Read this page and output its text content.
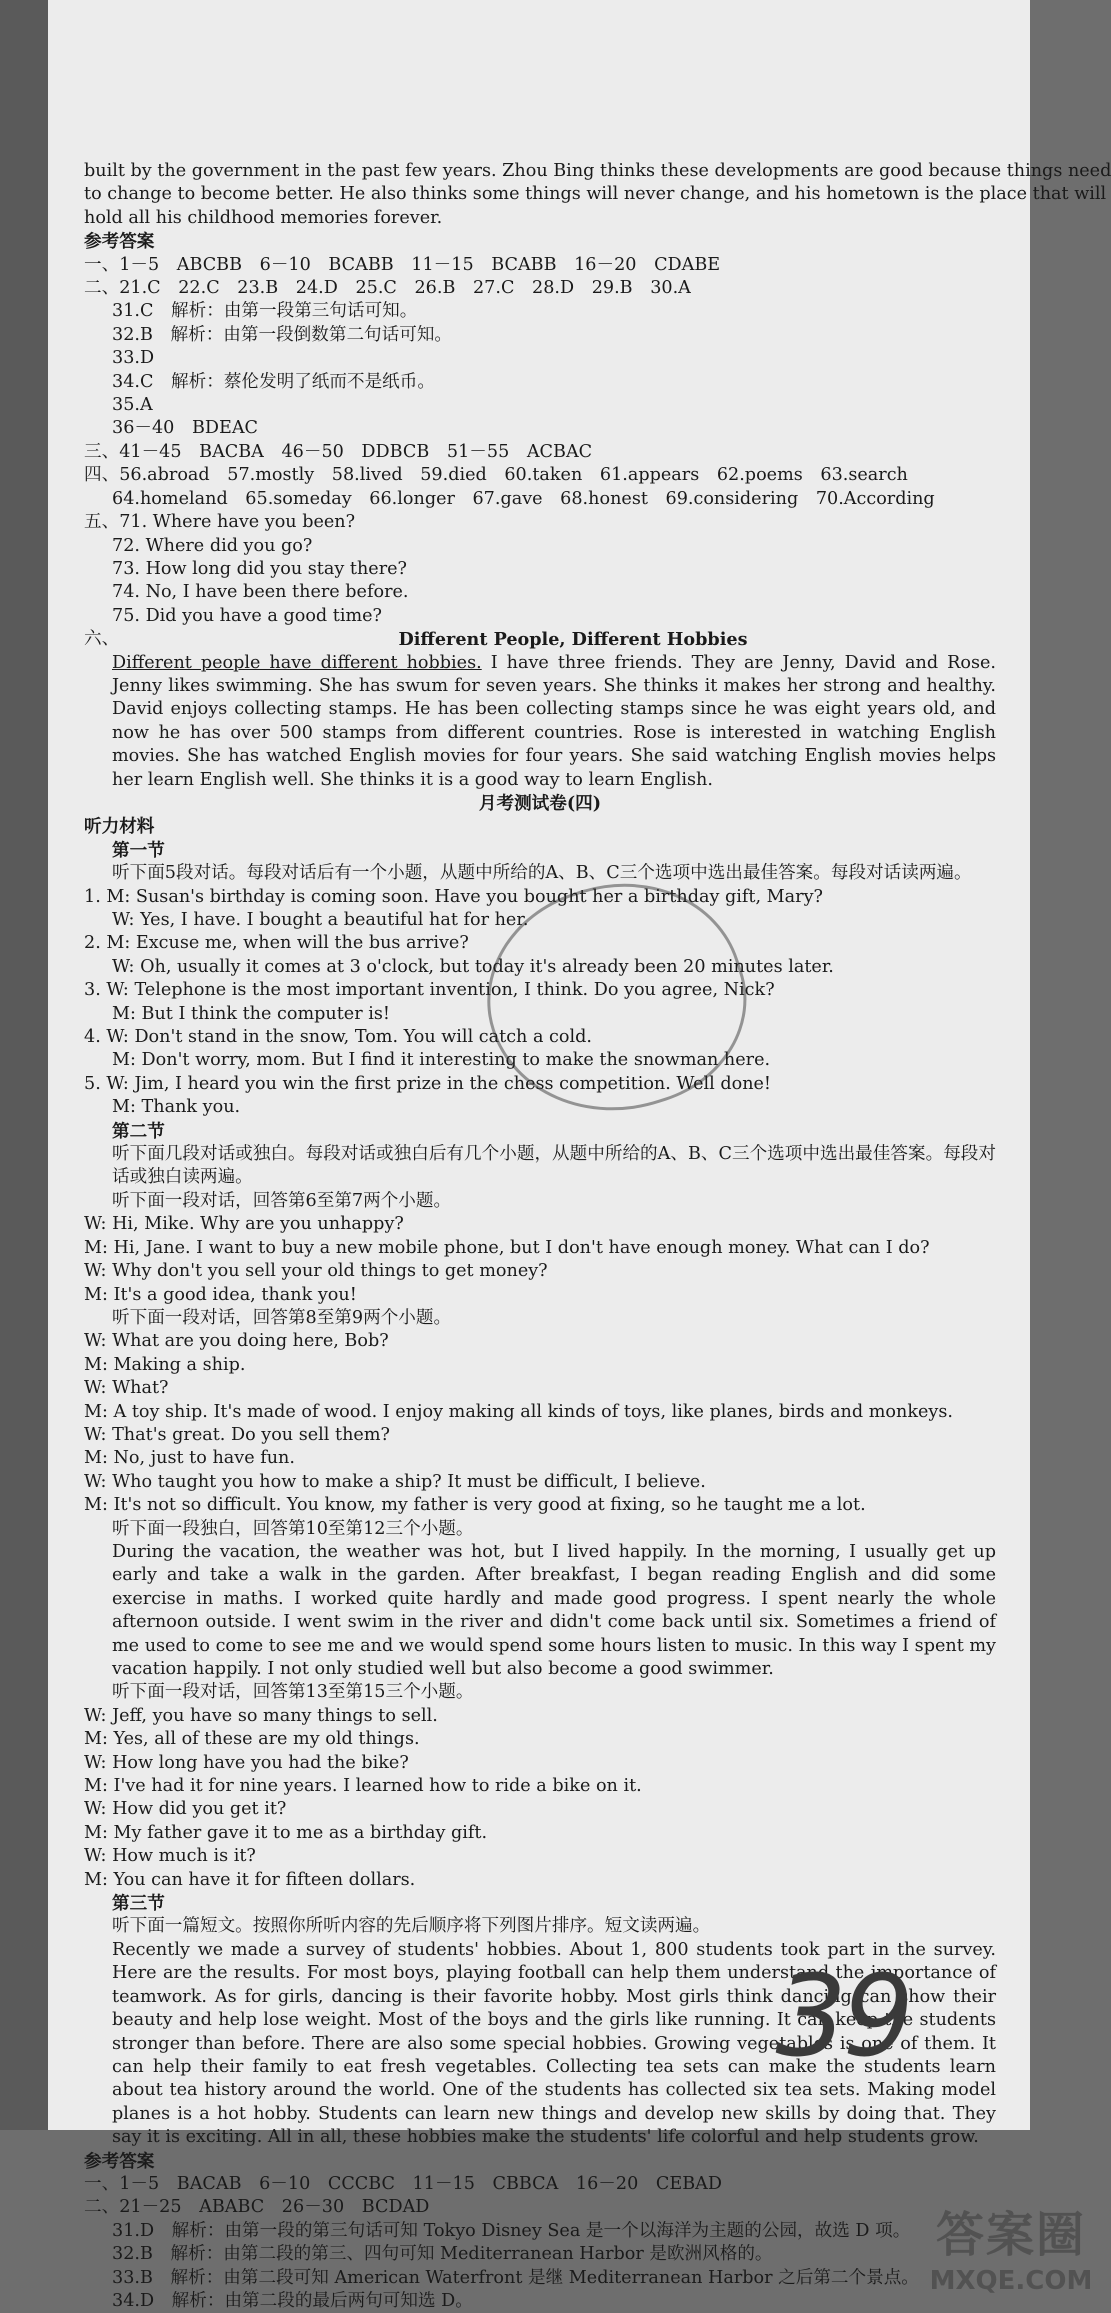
built by the government in the past few years. Zhou Bing thinks these developments are good because things need

to change to become better. He also thinks some things will never change, and his hometown is the place that will

hold all his childhood memories forever.

参考答案

一、1－5　ABCBB　6－10　BCABB　11－15　BCABB　16－20　CDABE

二、21.C　22.C　23.B　24.D　25.C　26.B　27.C　28.D　29.B　30.A

31.C　解析：由第一段第三句话可知。

32.B　解析：由第一段倒数第二句话可知。

33.D

34.C　解析：蔡伦发明了纸而不是纸币。

35.A

36－40　BDEAC

三、41－45　BACBA　46－50　DDBCB　51－55　ACBAC

四、56.abroad　57.mostly　58.lived　59.died　60.taken　61.appears　62.poems　63.search

64.homeland　65.someday　66.longer　67.gave　68.honest　69.considering　70.According

五、71. Where have you been?

72. Where did you go?

73. How long did you stay there?

74. No, I have been there before.

75. Did you have a good time?

六、	Different People, Different Hobbies

Different people have different hobbies. I have three friends. They are Jenny, David and Rose. Jenny likes swimming. She has swum for seven years. She thinks it makes her strong and healthy. David enjoys collecting stamps. He has been collecting stamps since he was eight years old, and now he has over 500 stamps from different countries. Rose is interested in watching English movies. She has watched English movies for four years. She said watching English movies helps her learn English well. She thinks it is a good way to learn English.

月考测试卷(四)

听力材料

第一节

听下面5段对话。每段对话后有一个小题，从题中所给的A、B、C三个选项中选出最佳答案。每段对话读两遍。

1. M: Susan's birthday is coming soon. Have you bought her a birthday gift, Mary?

W: Yes, I have. I bought a beautiful hat for her.

2. M: Excuse me, when will the bus arrive?

W: Oh, usually it comes at 3 o'clock, but today it's already been 20 minutes later.

3. W: Telephone is the most important invention, I think. Do you agree, Nick?

M: But I think the computer is!

4. W: Don't stand in the snow, Tom. You will catch a cold.

M: Don't worry, mom. But I find it interesting to make the snowman here.

5. W: Jim, I heard you win the first prize in the chess competition. Well done!

M: Thank you.

第二节

听下面几段对话或独白。每段对话或独白后有几个小题，从题中所给的A、B、C三个选项中选出最佳答案。每段对话或独白读两遍。

听下面一段对话，回答第6至第7两个小题。

W: Hi, Mike. Why are you unhappy?

M: Hi, Jane. I want to buy a new mobile phone, but I don't have enough money. What can I do?

W: Why don't you sell your old things to get money?

M: It's a good idea, thank you!

听下面一段对话，回答第8至第9两个小题。

W: What are you doing here, Bob?

M: Making a ship.

W: What?

M: A toy ship. It's made of wood. I enjoy making all kinds of toys, like planes, birds and monkeys.

W: That's great. Do you sell them?

M: No, just to have fun.

W: Who taught you how to make a ship? It must be difficult, I believe.

M: It's not so difficult. You know, my father is very good at fixing, so he taught me a lot.

听下面一段独白，回答第10至第12三个小题。

During the vacation, the weather was hot, but I lived happily. In the morning, I usually get up early and take a walk in the garden. After breakfast, I began reading English and did some exercise in maths. I worked quite hardly and made good progress. I spent nearly the whole afternoon outside. I went swim in the river and didn't come back until six. Sometimes a friend of me used to come to see me and we would spend some hours listen to music. In this way I spent my vacation happily. I not only studied well but also become a good swimmer.

听下面一段对话，回答第13至第15三个小题。

W: Jeff, you have so many things to sell.

M: Yes, all of these are my old things.

W: How long have you had the bike?

M: I've had it for nine years. I learned how to ride a bike on it.

W: How did you get it?

M: My father gave it to me as a birthday gift.

W: How much is it?

M: You can have it for fifteen dollars.

第三节

听下面一篇短文。按照你所听内容的先后顺序将下列图片排序。短文读两遍。

Recently we made a survey of students' hobbies. About 1, 800 students took part in the survey. Here are the results. For most boys, playing football can help them understand the importance of teamwork. As for girls, dancing is their favorite hobby. Most girls think dancing can show their beauty and help lose weight. Most of the boys and the girls like running. It can keep the students stronger than before. There are also some special hobbies. Growing vegetables is one of them. It can help their family to eat fresh vegetables. Collecting tea sets can make the students learn about tea history around the world. One of the students has collected six tea sets. Making model planes is a hot hobby. Students can learn new things and develop new skills by doing that. They say it is exciting. All in all, these hobbies make the students' life colorful and help students grow.

参考答案

一、1－5　BACAB　6－10　CCCBC　11－15　CBBCA　16－20　CEBAD

二、21－25　ABABC　26－30　BCDAD

31.D　解析：由第一段的第三句话可知 Tokyo Disney Sea 是一个以海洋为主题的公园，故选 D 项。

32.B　解析：由第二段的第三、四句可知 Mediterranean Harbor 是欧洲风格的。

33.B　解析：由第二段可知 American Waterfront 是继 Mediterranean Harbor 之后第二个景点。

34.D　解析：由第二段的最后两句可知选 D。

39
答案圈
MXQE.COM
